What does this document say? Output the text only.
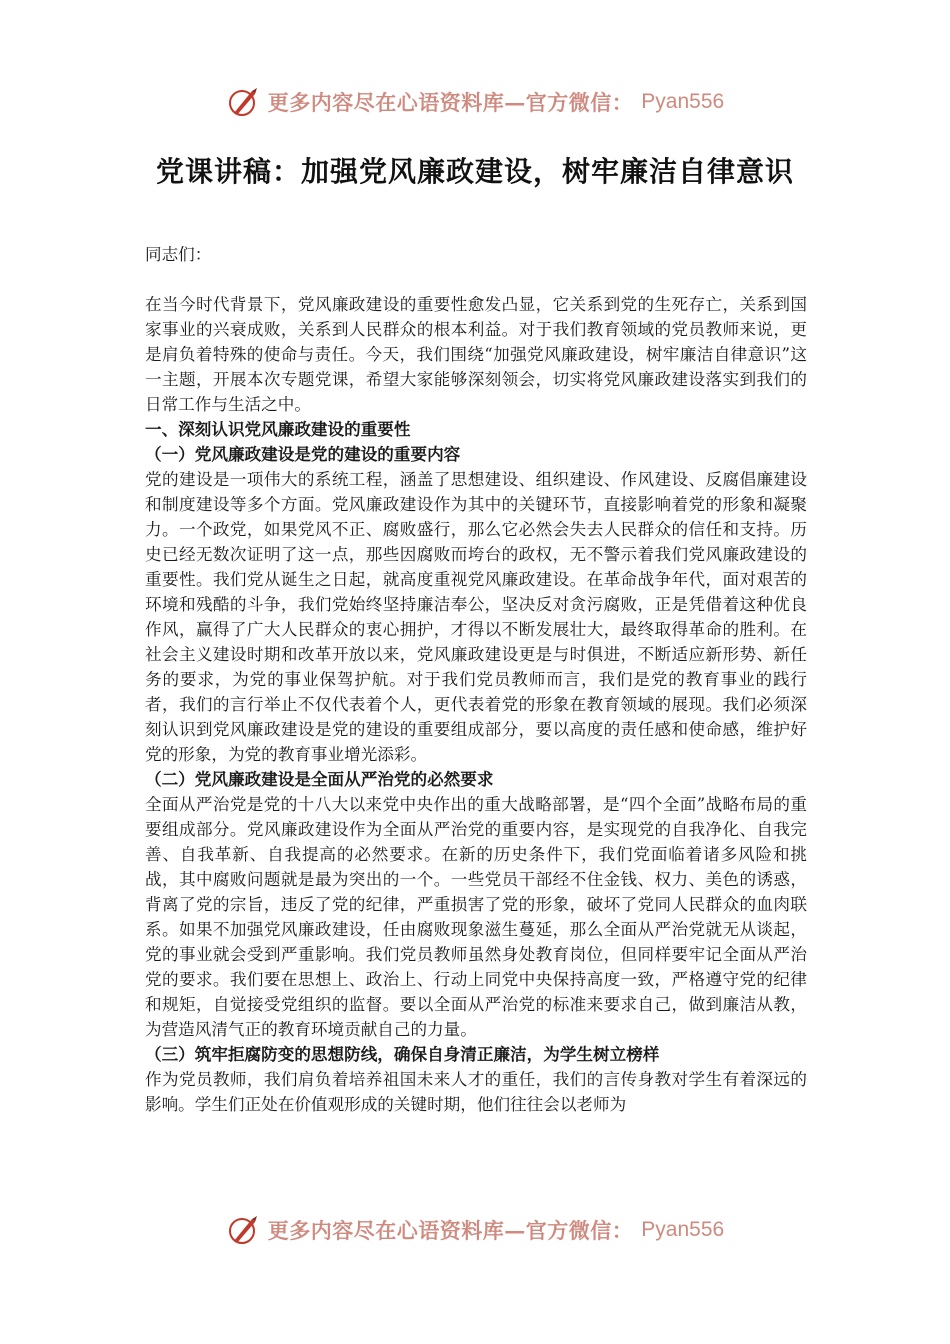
更多内容尽在心语资料库—官方微信： Pyan556
党课讲稿：加强党风廉政建设，树牢廉洁自律意识

同志们：

在当今时代背景下，党风廉政建设的重要性愈发凸显，它关系到党的生死存亡，关系到国家事业的兴衰成败，关系到人民群众的根本利益。对于我们教育领域的党员教师来说，更是肩负着特殊的使命与责任。今天，我们围绕“加强党风廉政建设，树牢廉洁自律意识”这一主题，开展本次专题党课，希望大家能够深刻领会，切实将党风廉政建设落实到我们的日常工作与生活之中。

一、深刻认识党风廉政建设的重要性

（一）党风廉政建设是党的建设的重要内容

党的建设是一项伟大的系统工程，涵盖了思想建设、组织建设、作风建设、反腐倡廉建设和制度建设等多个方面。党风廉政建设作为其中的关键环节，直接影响着党的形象和凝聚力。一个政党，如果党风不正、腐败盛行，那么它必然会失去人民群众的信任和支持。历史已经无数次证明了这一点，那些因腐败而垮台的政权，无不警示着我们党风廉政建设的重要性。我们党从诞生之日起，就高度重视党风廉政建设。在革命战争年代，面对艰苦的环境和残酷的斗争，我们党始终坚持廉洁奉公，坚决反对贪污腐败，正是凭借着这种优良作风，赢得了广大人民群众的衷心拥护，才得以不断发展壮大，最终取得革命的胜利。在社会主义建设时期和改革开放以来，党风廉政建设更是与时俱进，不断适应新形势、新任务的要求，为党的事业保驾护航。对于我们党员教师而言，我们是党的教育事业的践行者，我们的言行举止不仅代表着个人，更代表着党的形象在教育领域的展现。我们必须深刻认识到党风廉政建设是党的建设的重要组成部分，要以高度的责任感和使命感，维护好党的形象，为党的教育事业增光添彩。

（二）党风廉政建设是全面从严治党的必然要求

全面从严治党是党的十八大以来党中央作出的重大战略部署，是“四个全面”战略布局的重要组成部分。党风廉政建设作为全面从严治党的重要内容，是实现党的自我净化、自我完善、自我革新、自我提高的必然要求。在新的历史条件下，我们党面临着诸多风险和挑战，其中腐败问题就是最为突出的一个。一些党员干部经不住金钱、权力、美色的诱惑，背离了党的宗旨，违反了党的纪律，严重损害了党的形象，破坏了党同人民群众的血肉联系。如果不加强党风廉政建设，任由腐败现象滋生蔓延，那么全面从严治党就无从谈起，党的事业就会受到严重影响。我们党员教师虽然身处教育岗位，但同样要牢记全面从严治党的要求。我们要在思想上、政治上、行动上同党中央保持高度一致，严格遵守党的纪律和规矩，自觉接受党组织的监督。要以全面从严治党的标准来要求自己，做到廉洁从教，为营造风清气正的教育环境贡献自己的力量。

（三）筑牢拒腐防变的思想防线，确保自身清正廉洁，为学生树立榜样

作为党员教师，我们肩负着培养祖国未来人才的重任，我们的言传身教对学生有着深远的影响。学生们正处在价值观形成的关键时期，他们往往会以老师为

更多内容尽在心语资料库—官方微信： Pyan556
